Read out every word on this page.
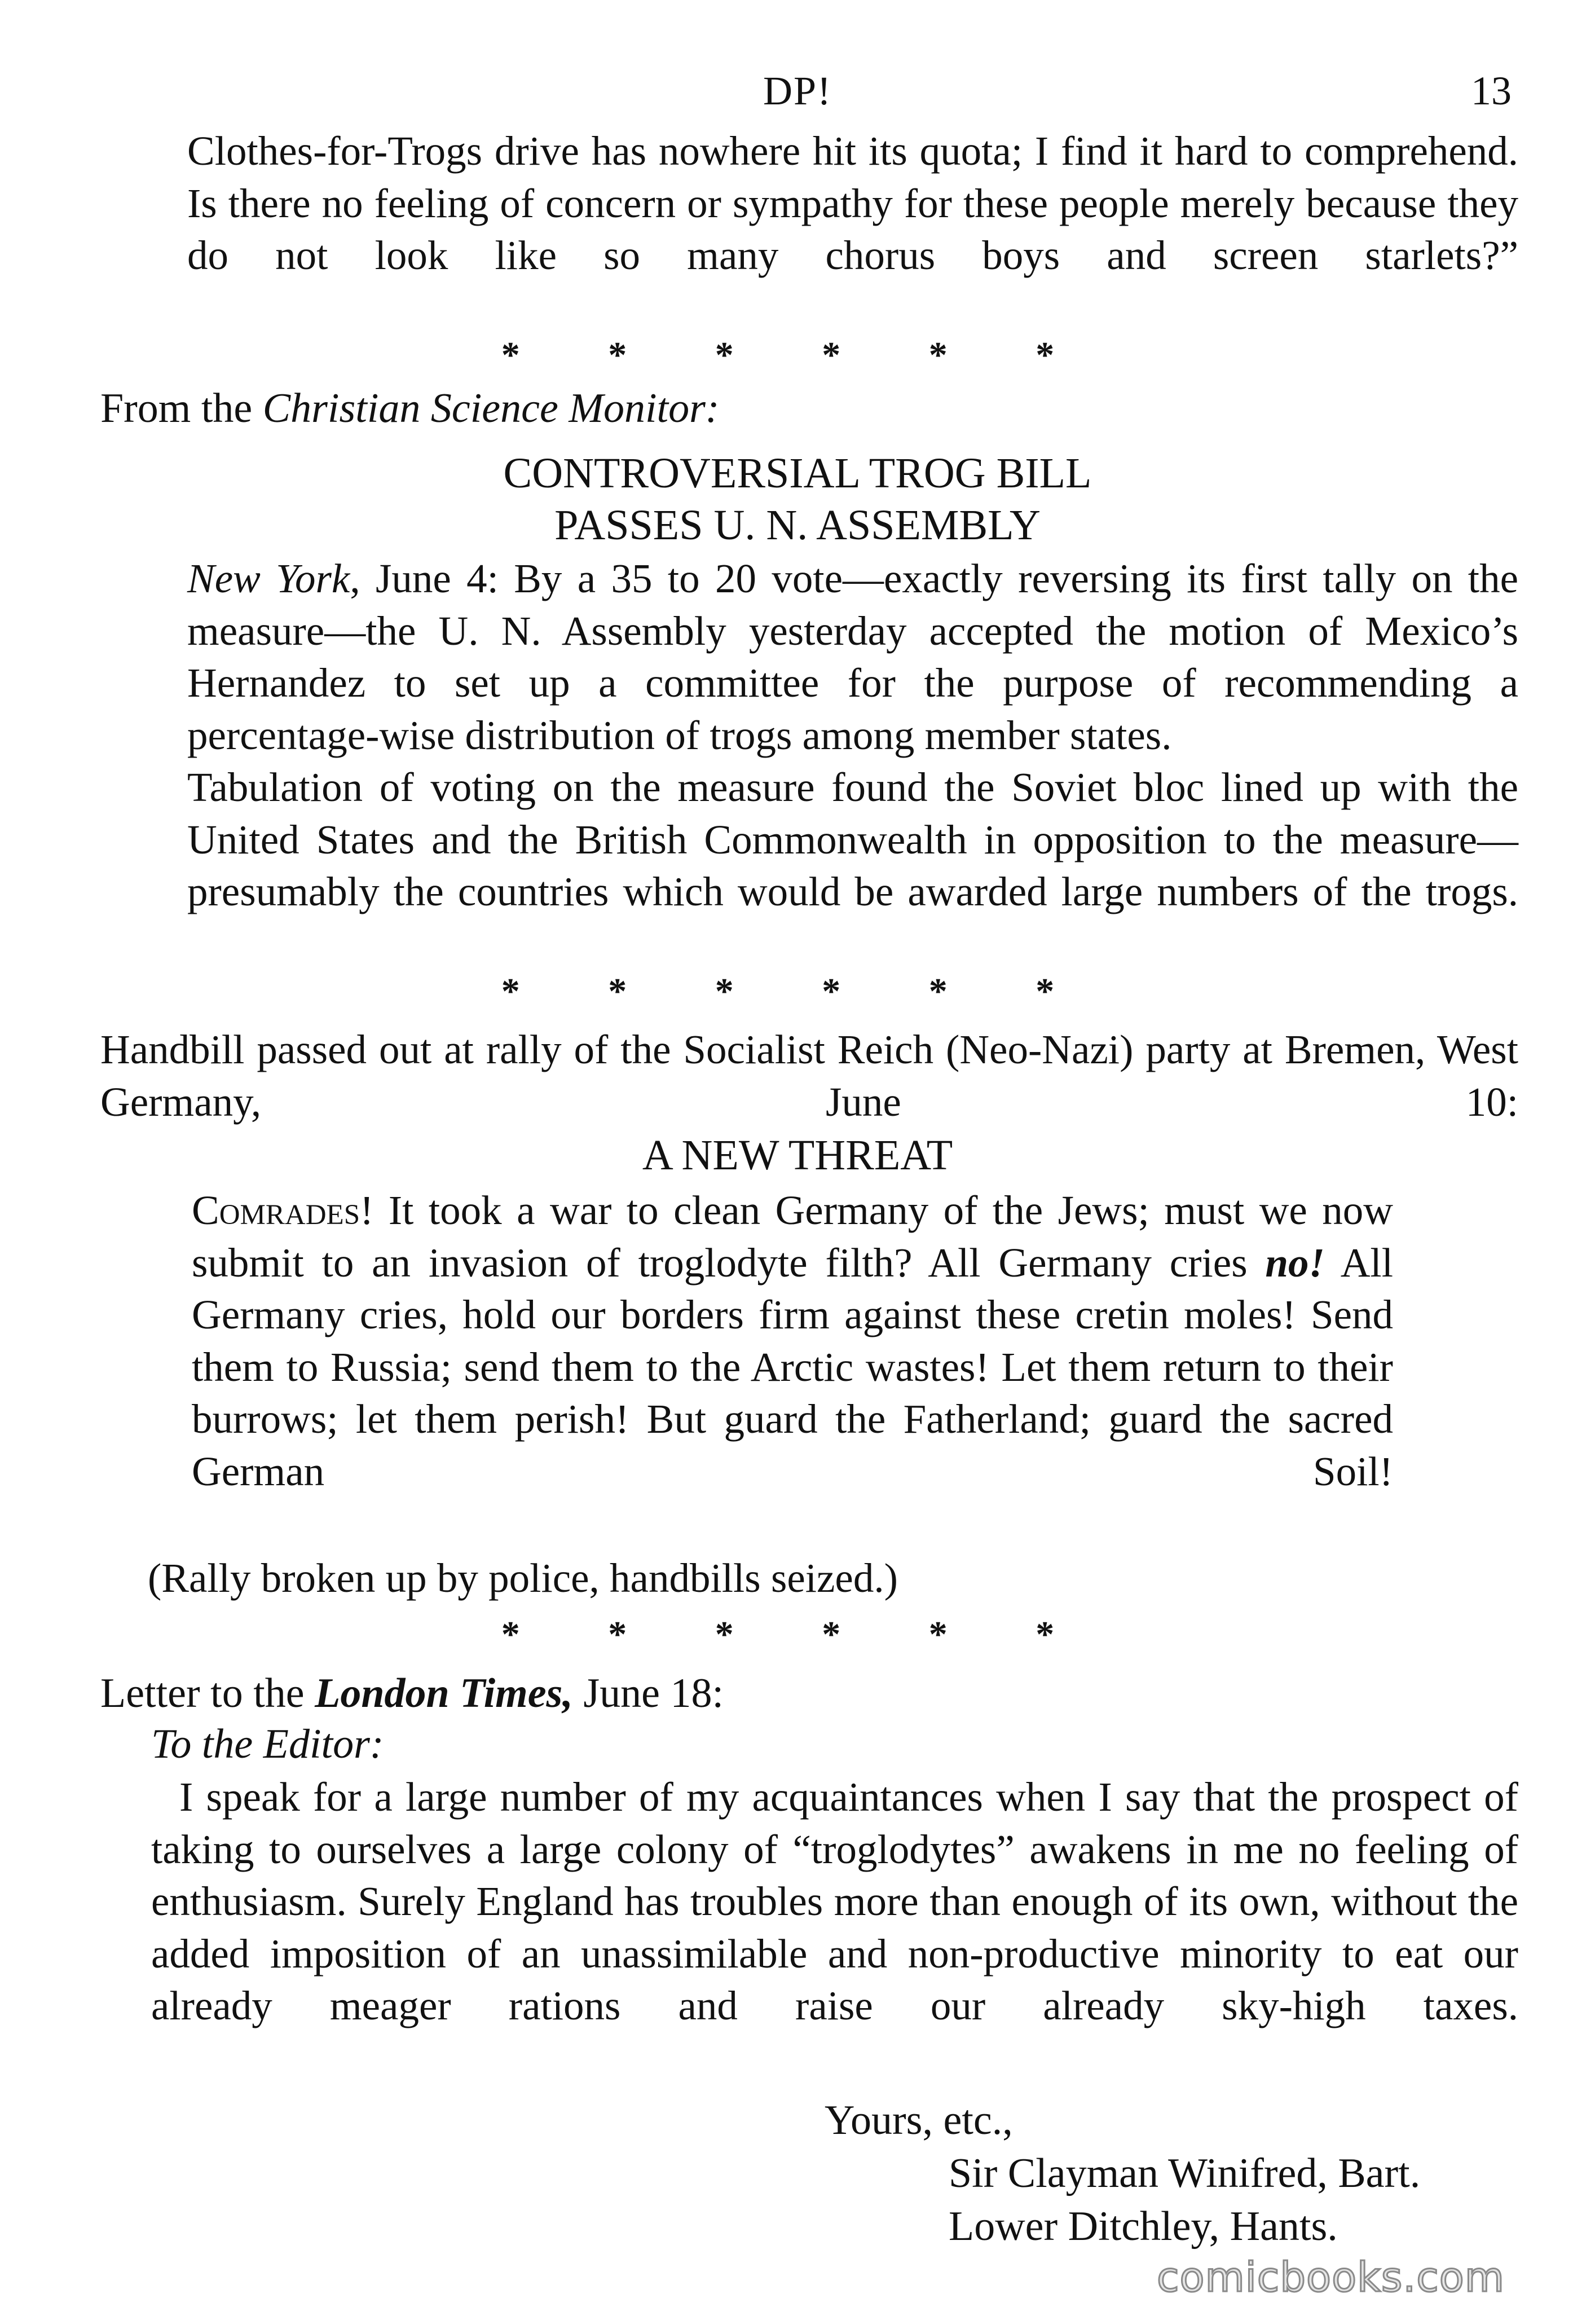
DP!	13

Clothes-for-Trogs drive has nowhere hit its quota; I find it hard to comprehend. Is there no feeling of concern or sympathy for these people merely because they do not look like so many chorus boys and screen starlets?”

* * * * * *
From the Christian Science Monitor:
CONTROVERSIAL TROG BILL
PASSES U. N. ASSEMBLY

New York, June 4: By a 35 to 20 vote—exactly reversing its first tally on the measure—the U. N. Assembly yesterday accepted the motion of Mexico’s Hernandez to set up a committee for the purpose of recommending a percentage-wise distribution of trogs among member states.

Tabulation of voting on the measure found the Soviet bloc lined up with the United States and the British Commonwealth in opposition to the measure—presumably the countries which would be awarded large numbers of the trogs.

* * * * * *

Handbill passed out at rally of the Socialist Reich (Neo-Nazi) party at Bremen, West Germany, June 10:

A NEW THREAT

Comrades! It took a war to clean Germany of the Jews; must we now submit to an invasion of troglodyte filth? All Germany cries no! All Germany cries, hold our borders firm against these cretin moles! Send them to Russia; send them to the Arctic wastes! Let them return to their burrows; let them perish! But guard the Fatherland; guard the sacred German Soil!

(Rally broken up by police, handbills seized.)
* * * * * *
Letter to the London Times, June 18:
To the Editor:

I speak for a large number of my acquaintances when I say that the prospect of taking to ourselves a large colony of “troglodytes” awakens in me no feeling of enthusiasm. Surely England has troubles more than enough of its own, without the added imposition of an unassimilable and non-productive minority to eat our already meager rations and raise our already sky-high taxes.

Yours, etc.,
Sir Clayman Winifred, Bart.
Lower Ditchley, Hants.
comicbooks.com
